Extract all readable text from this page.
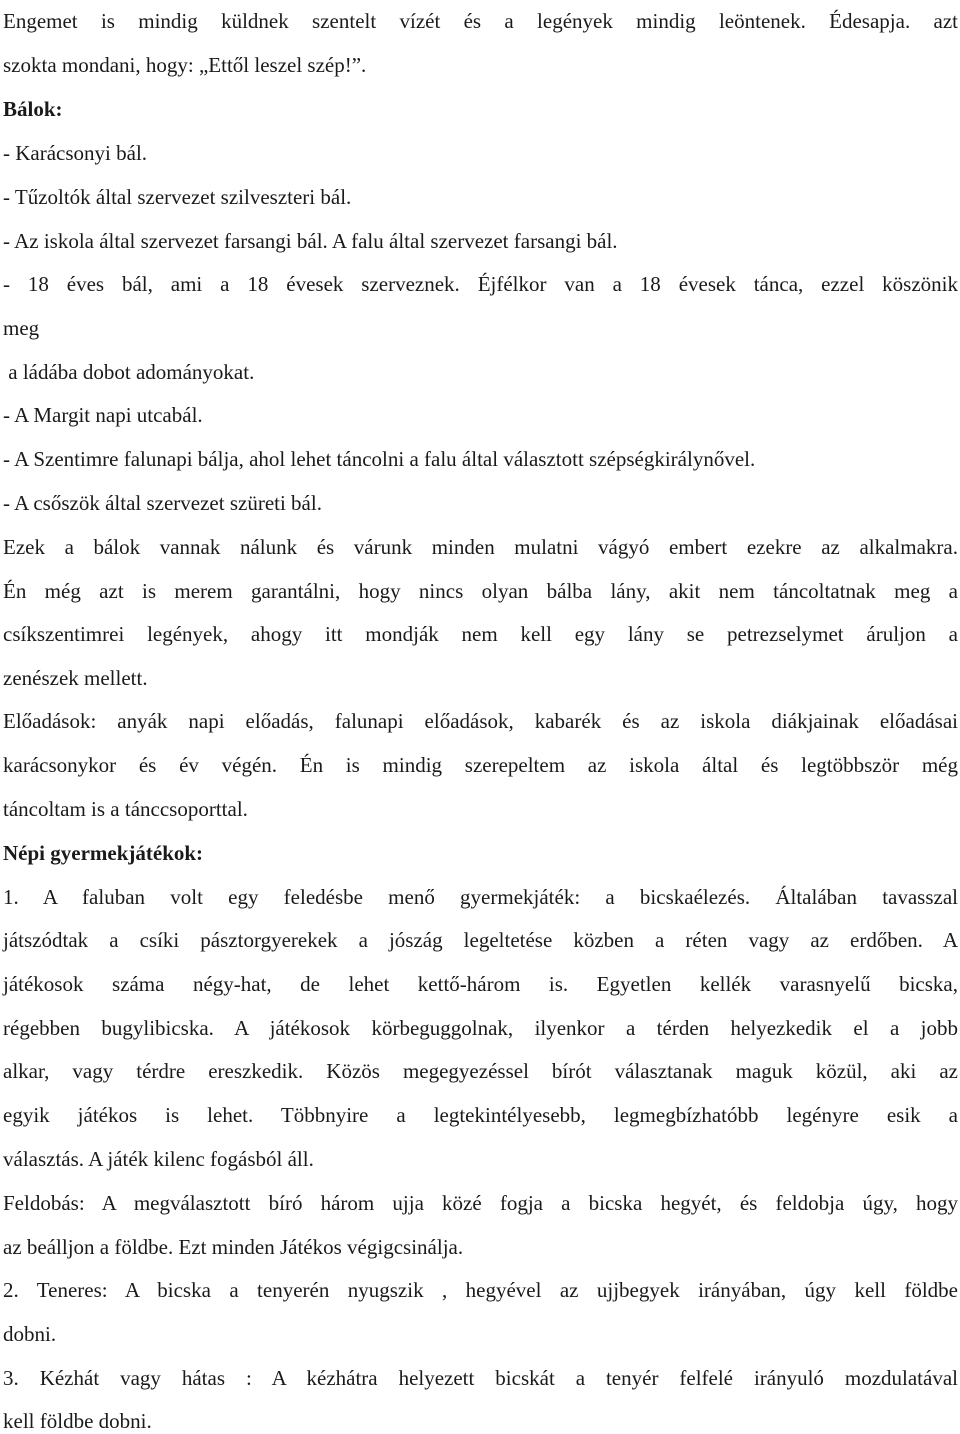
Engemet is mindig küldnek szentelt vízét és a legények mindig leöntenek. Édesapja. azt
szokta mondani, hogy: „Ettől leszel szép!”.
Bálok:
- Karácsonyi bál.
- Tűzoltók által szervezet szilveszteri bál.
- Az iskola által szervezet farsangi bál. A falu által szervezet farsangi bál.
- 18 éves bál, ami a 18 évesek szerveznek. Éjfélkor van a 18 évesek tánca, ezzel köszönik
meg
a ládába dobot adományokat.
- A Margit napi utcabál.
- A Szentimre falunapi bálja, ahol lehet táncolni a falu által választott szépségkirálynővel.
- A csőszök által szervezet szüreti bál.
Ezek a bálok vannak nálunk és várunk minden mulatni vágyó embert ezekre az alkalmakra.
Én még azt is merem garantálni, hogy nincs olyan bálba lány, akit nem táncoltatnak meg a
csíkszentimrei legények, ahogy itt mondják nem kell egy lány se petrezselymet áruljon a
zenészek mellett.
Előadások: anyák napi előadás, falunapi előadások, kabarék és az iskola diákjainak előadásai
karácsonykor és év végén. Én is mindig szerepeltem az iskola által és legtöbbször még
táncoltam is a tánccsoporttal.
Népi gyermekjátékok:
1. A faluban volt egy feledésbe menő gyermekjáték: a bicskaélezés. Általában tavasszal
játszódtak a csíki pásztorgyerekek a jószág legeltetése közben a réten vagy az erdőben. A
játékosok száma négy-hat, de lehet kettő-három is. Egyetlen kellék varasnyelű bicska,
régebben bugylibicska. A játékosok körbeguggolnak, ilyenkor a térden helyezkedik el a jobb
alkar, vagy térdre ereszkedik. Közös megegyezéssel bírót választanak maguk közül, aki az
egyik játékos is lehet. Többnyire a legtekintélyesebb, legmegbízhatóbb legényre esik a
választás. A játék kilenc fogásból áll.
Feldobás: A megválasztott bíró három ujja közé fogja a bicska hegyét, és feldobja úgy, hogy
az beálljon a földbe. Ezt minden Játékos végigcsinálja.
2. Teneres: A bicska a tenyerén nyugszik , hegyével az ujjbegyek irányában, úgy kell földbe
dobni.
3. Kézhát vagy hátas : A kézhátra helyezett bicskát a tenyér felfelé irányuló mozdulatával
kell földbe dobni.
